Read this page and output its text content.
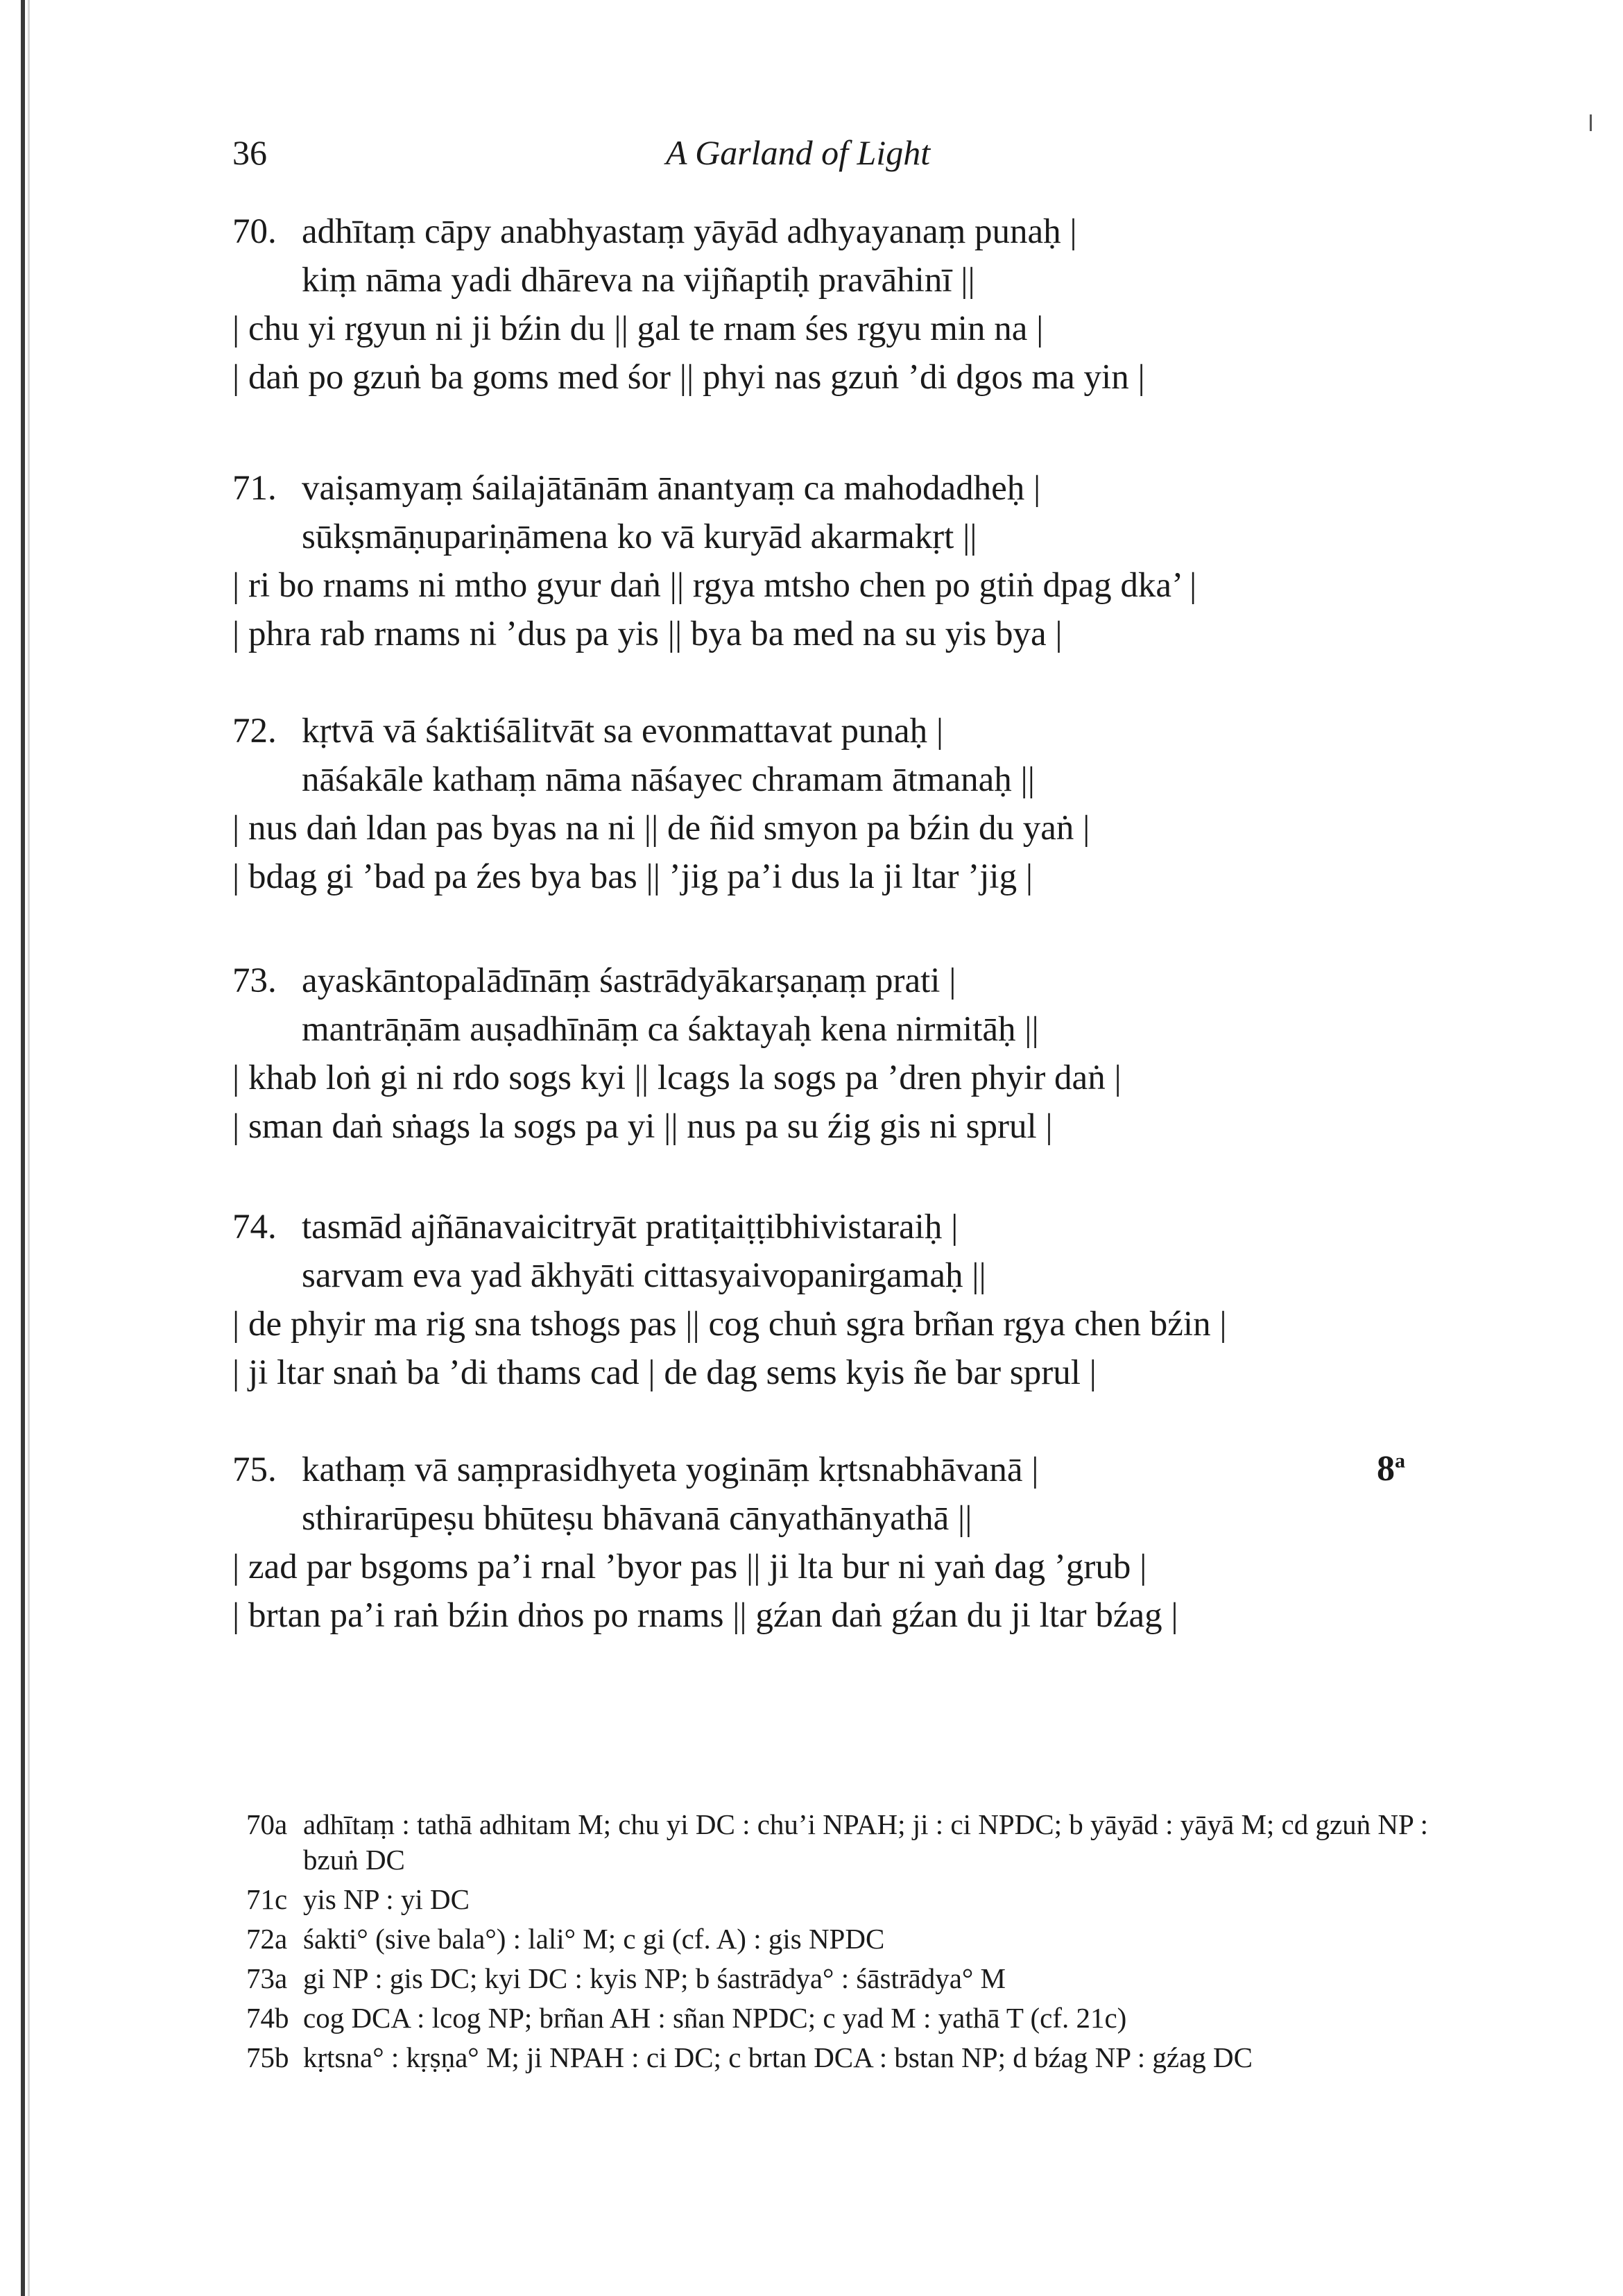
36	A Garland of Light
70. adhītaṃ cāpy anabhyastaṃ yāyād adhyayanaṃ punaḥ |
kiṃ nāma yadi dhāreva na vijñaptiḥ pravāhinī ||
| chu yi rgyun ni ji bźin du || gal te rnam śes rgyu min na |
| daṅ po gzuṅ ba goms med śor || phyi nas gzuṅ ’di dgos ma yin |
71. vaiṣamyaṃ śailajātānām ānantyaṃ ca mahodadheḥ |
sūkṣmāṇupariṇāmena ko vā kuryād akarmakṛt ||
| ri bo rnams ni mtho gyur daṅ || rgya mtsho chen po gtiṅ dpag dka’ |
| phra rab rnams ni ’dus pa yis || bya ba med na su yis bya |
72. kṛtvā vā śaktiśālitvāt sa evonmattavat punaḥ |
nāśakāle kathaṃ nāma nāśayec chramam ātmanaḥ ||
| nus daṅ ldan pas byas na ni || de ñid smyon pa bźin du yaṅ |
| bdag gi ’bad pa źes bya bas || ’jig pa’i dus la ji ltar ’jig |
73. ayaskāntopalādīnāṃ śastrādyākarṣaṇaṃ prati |
mantrāṇām auṣadhīnāṃ ca śaktayaḥ kena nirmitāḥ ||
| khab loṅ gi ni rdo sogs kyi || lcags la sogs pa ’dren phyir daṅ |
| sman daṅ sṅags la sogs pa yi || nus pa su źig gis ni sprul |
74. tasmād ajñānavaicitryāt pratiṭaiṭṭibhivistaraiḥ |
sarvam eva yad ākhyāti cittasyaivopanirgamaḥ ||
| de phyir ma rig sna tshogs pas || cog chuṅ sgra brñan rgya chen bźin |
| ji ltar snaṅ ba ’di thams cad | de dag sems kyis ñe bar sprul |
75. kathaṃ vā saṃprasidhyeta yogināṃ kṛtsnabhāvanā |
sthirarūpeṣu bhūteṣu bhāvanā cānyathānyathā ||
| zad par bsgoms pa’i rnal ’byor pas || ji lta bur ni yaṅ dag ’grub |
| brtan pa’i raṅ bźin dṅos po rnams || gźan daṅ gźan du ji ltar bźag |
8$^a$
70a adhītaṃ : tathā adhitam M; chu yi DC : chu’i NPAH; ji : ci NPDC; b yāyād : yāyā M; cd gzuṅ NP : bzuṅ DC
71c yis NP : yi DC
72a śakti° (sive bala°) : lali° M; c gi (cf. A) : gis NPDC
73a gi NP : gis DC; kyi DC : kyis NP; b śastrādya° : śāstrādya° M
74b cog DCA : lcog NP; brñan AH : sñan NPDC; c yad M : yathā T (cf. 21c)
75b kṛtsna° : kṛṣṇa° M; ji NPAH : ci DC; c brtan DCA : bstan NP; d bźag NP : gźag DC
